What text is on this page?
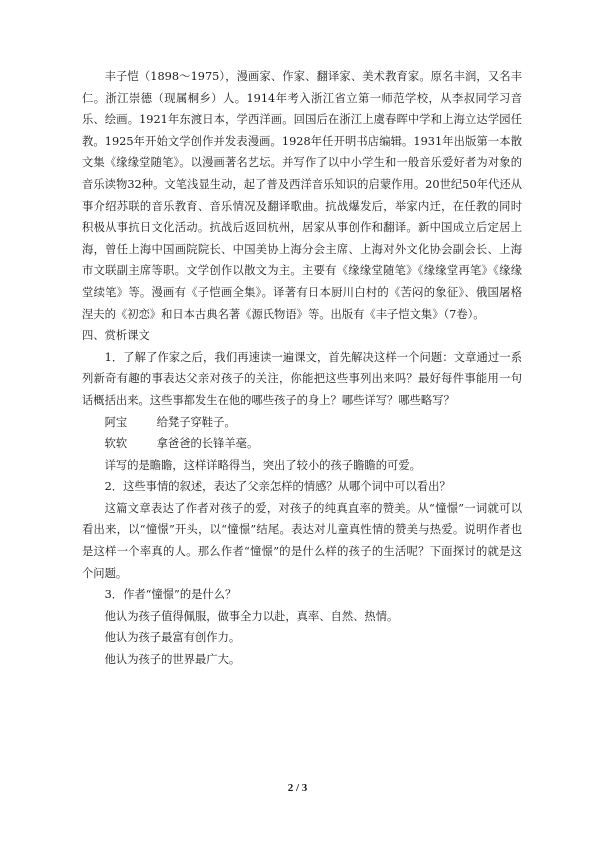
丰子恺（1898～1975），漫画家、作家、翻译家、美术教育家。原名丰润，又名丰仁。浙江崇德（现属桐乡）人。1914年考入浙江省立第一师范学校，从李叔同学习音乐、绘画。1921年东渡日本，学西洋画。回国后在浙江上虞春晖中学和上海立达学园任教。1925年开始文学创作并发表漫画。1928年任开明书店编辑。1931年出版第一本散文集《缘缘堂随笔》。以漫画著名艺坛。并写作了以中小学生和一般音乐爱好者为对象的音乐读物32种。文笔浅显生动，起了普及西洋音乐知识的启蒙作用。20世纪50年代还从事介绍苏联的音乐教育、音乐情况及翻译歌曲。抗战爆发后，举家内迁，在任教的同时积极从事抗日文化活动。抗战后返回杭州，居家从事创作和翻译。新中国成立后定居上海，曾任上海中国画院院长、中国美协上海分会主席、上海对外文化协会副会长、上海市文联副主席等职。文学创作以散文为主。主要有《缘缘堂随笔》《缘缘堂再笔》《缘缘堂续笔》等。漫画有《子恺画全集》。译著有日本厨川白村的《苦闷的象征》、俄国屠格涅夫的《初恋》和日本古典名著《源氏物语》等。出版有《丰子恺文集》（7卷）。

四、赏析课文

1．了解了作家之后，我们再速读一遍课文，首先解决这样一个问题：文章通过一系列新奇有趣的事表达父亲对孩子的关注，你能把这些事列出来吗？最好每件事能用一句话概括出来。这些事都发生在他的哪些孩子的身上？哪些详写？哪些略写？

阿宝	给凳子穿鞋子。

软软	拿爸爸的长锋羊毫。

详写的是瞻瞻，这样详略得当，突出了较小的孩子瞻瞻的可爱。

2．这些事情的叙述，表达了父亲怎样的情感？从哪个词中可以看出？

这篇文章表达了作者对孩子的爱，对孩子的纯真直率的赞美。从“憧憬”一词就可以看出来，以“憧憬”开头，以“憧憬”结尾。表达对儿童真性情的赞美与热爱。说明作者也是这样一个率真的人。那么作者“憧憬”的是什么样的孩子的生活呢？下面探讨的就是这个问题。

3．作者“憧憬”的是什么？

他认为孩子值得佩服，做事全力以赴，真率、自然、热情。

他认为孩子最富有创作力。

他认为孩子的世界最广大。

2 / 3
